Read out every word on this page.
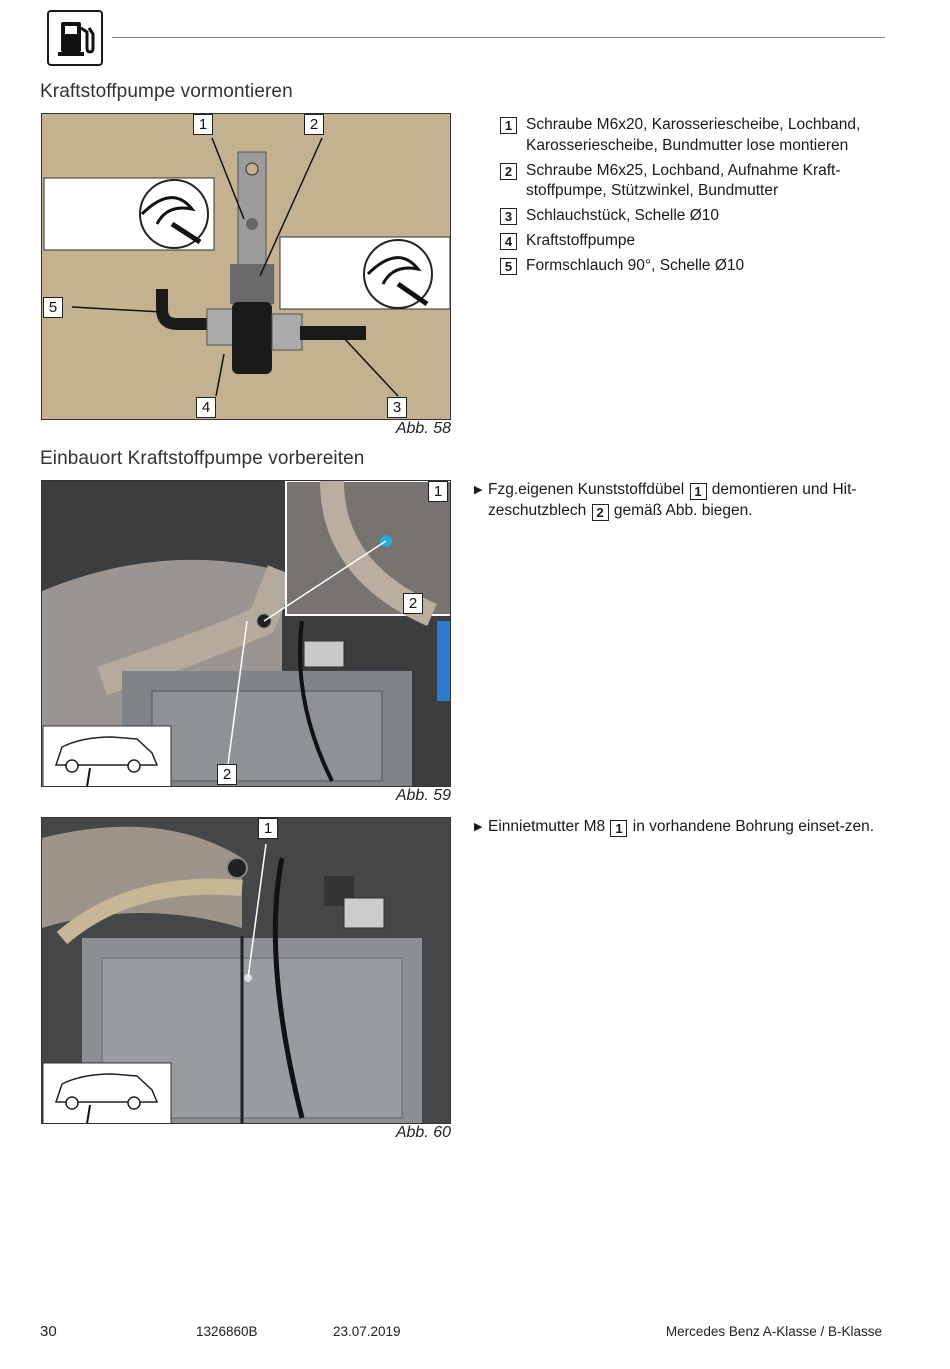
Kraftstoffpumpe vormontieren
1	2
3
4
5
Abb. 58
1 Schraube M6x20, Karosseriescheibe, Lochband, Karosseriescheibe, Bundmutter lose montieren
2 Schraube M6x25, Lochband, Aufnahme Kraft-stoffpumpe, Stützwinkel, Bundmutter
3 Schlauchstück, Schelle Ø10
4 Kraftstoffpumpe
5 Formschlauch 90°, Schelle Ø10
Einbauort Kraftstoffpumpe vorbereiten
1
2
2
Abb. 59
▶ Fzg.eigenen Kunststoffdübel 1 demontieren und Hit-zeschutzblech 2 gemäß Abb. biegen.
1
Abb. 60
▶ Einnietmutter M8 1 in vorhandene Bohrung einset-zen.
30	1326860B	23.07.2019	Mercedes Benz A-Klasse / B-Klasse
